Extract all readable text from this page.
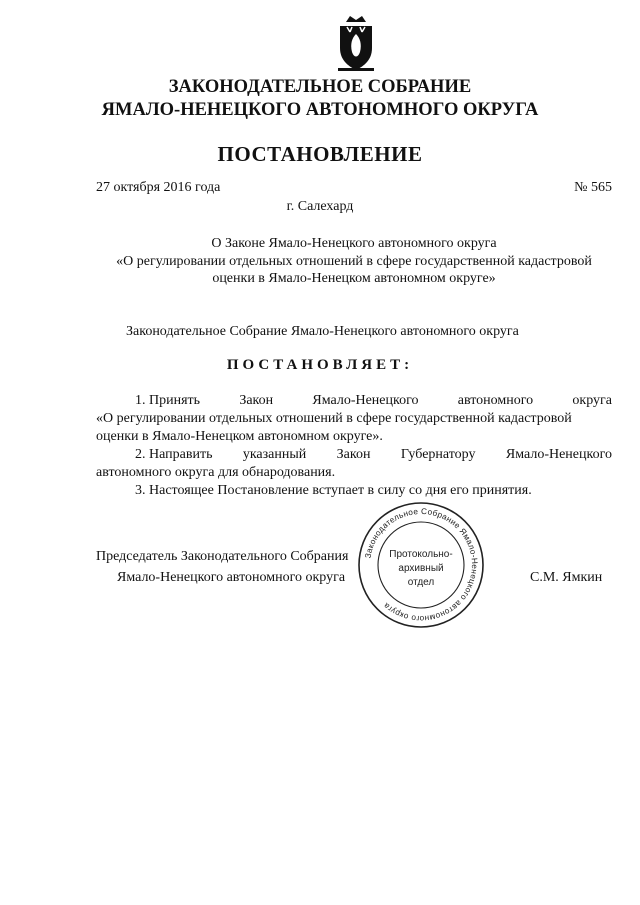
ЗАКОНОДАТЕЛЬНОЕ СОБРАНИЕ
ЯМАЛО-НЕНЕЦКОГО АВТОНОМНОГО ОКРУГА
ПОСТАНОВЛЕНИЕ
27 октября 2016 года	№ 565
г. Салехард
О Законе Ямало-Ненецкого автономного округа
«О регулировании отдельных отношений в сфере государственной кадастровой
оценки в Ямало-Ненецком автономном округе»
Законодательное Собрание Ямало-Ненецкого автономного округа
ПОСТАНОВЛЯЕТ:
1. Принять	Закон	Ямало-Ненецкого	автономного	округа
«О регулировании отдельных отношений в сфере государственной кадастровой
оценки в Ямало-Ненецком автономном округе».
2. Направить указанный Закон Губернатору Ямало-Ненецкого
автономного округа для обнародования.
3. Настоящее Постановление вступает в силу со дня его принятия.
Председатель Законодательного Собрания
Ямало-Ненецкого автономного округа	С.М. Ямкин
Законодательное Собрание Ямало-Ненецкого автономного округа
Протокольно-
архивный
отдел
